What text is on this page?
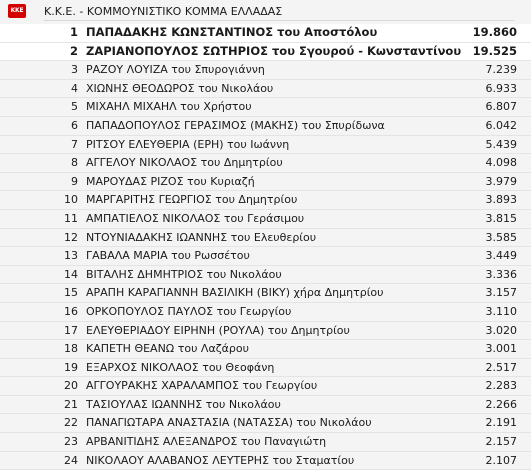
ΚΚΕ Κ.Κ.Ε. - ΚΟΜΜΟΥΝΙΣΤΙΚΟ ΚΟΜΜΑ ΕΛΛΑΔΑΣ
1 ΠΑΠΑΔΑΚΗΣ ΚΩΝΣΤΑΝΤΙΝΟΣ του Αποστόλου	19.860
2 ΖΑΡΙΑΝΟΠΟΥΛΟΣ ΣΩΤΗΡΙΟΣ του Σγουρού - Κωνσταντίνου	19.525
3 ΡΑΖΟΥ ΛΟΥΙΖΑ του Σπυρογιάννη	7.239
4 ΧΙΩΝΗΣ ΘΕΟΔΩΡΟΣ του Νικολάου	6.933
5 ΜΙΧΑΗΛ ΜΙΧΑΗΛ του Χρήστου	6.807
6 ΠΑΠΑΔΟΠΟΥΛΟΣ ΓΕΡΑΣΙΜΟΣ (ΜΑΚΗΣ) του Σπυρίδωνα	6.042
7 ΡΙΤΣΟΥ ΕΛΕΥΘΕΡΙΑ (ΕΡΗ) του Ιωάννη	5.439
8 ΑΓΓΕΛΟΥ ΝΙΚΟΛΑΟΣ του Δημητρίου	4.098
9 ΜΑΡΟΥΔΑΣ ΡΙΖΟΣ του Κυριαζή	3.979
10 ΜΑΡΓΑΡΙΤΗΣ ΓΕΩΡΓΙΟΣ του Δημητρίου	3.893
11 ΑΜΠΑΤΙΕΛΟΣ ΝΙΚΟΛΑΟΣ του Γεράσιμου	3.815
12 ΝΤΟΥΝΙΑΔΑΚΗΣ ΙΩΑΝΝΗΣ του Ελευθερίου	3.585
13 ΓΑΒΑΛΑ ΜΑΡΙΑ του Ρωσσέτου	3.449
14 ΒΙΤΑΛΗΣ ΔΗΜΗΤΡΙΟΣ του Νικολάου	3.336
15 ΑΡΑΠΗ ΚΑΡΑΓΙΑΝΝΗ ΒΑΣΙΛΙΚΗ (ΒΙΚΥ) χήρα Δημητρίου	3.157
16 ΟΡΚΟΠΟΥΛΟΣ ΠΑΥΛΟΣ του Γεωργίου	3.110
17 ΕΛΕΥΘΕΡΙΑΔΟΥ ΕΙΡΗΝΗ (ΡΟΥΛΑ) του Δημητρίου	3.020
18 ΚΑΠΕΤΗ ΘΕΑΝΩ του Λαζάρου	3.001
19 ΕΞΑΡΧΟΣ ΝΙΚΟΛΑΟΣ του Θεοφάνη	2.517
20 ΑΓΓΟΥΡΑΚΗΣ ΧΑΡΑΛΑΜΠΟΣ του Γεωργίου	2.283
21 ΤΑΣΙΟΥΛΑΣ ΙΩΑΝΝΗΣ του Νικολάου	2.266
22 ΠΑΝΑΓΙΩΤΑΡΑ ΑΝΑΣΤΑΣΙΑ (ΝΑΤΑΣΣΑ) του Νικολάου	2.191
23 ΑΡΒΑΝΙΤΙΔΗΣ ΑΛΕΞΑΝΔΡΟΣ του Παναγιώτη	2.157
24 ΝΙΚΟΛΑΟΥ ΑΛΑΒΑΝΟΣ ΛΕΥΤΕΡΗΣ του Σταματίου	2.107
